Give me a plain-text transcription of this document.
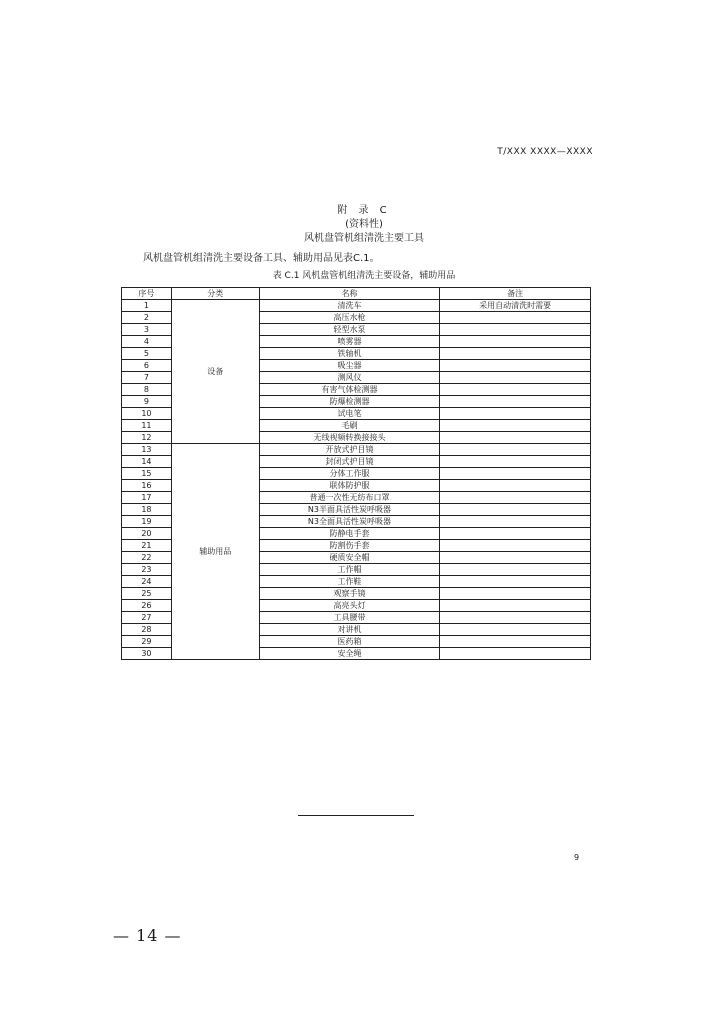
T/XXX XXXX—XXXX
附 录 C
(资料性)
风机盘管机组清洗主要工具
风机盘管机组清洗主要设备工具、辅助用品见表C.1。
表 C.1 风机盘管机组清洗主要设备，辅助用品
序号	分类	名称	备注
1	设备	清洗车	采用自动清洗时需要
2		高压水枪	
3		轻型水泵	
4		喷雾器	
5		铁轴机	
6		吸尘器	
7		测风仪	
8		有害气体检测器	
9		防爆检测器	
10		试电笔	
11		毛刷	
12		无线视频转换接接头	
13	辅助用品	开放式护目镜	
14		封闭式护目镜	
15		分体工作服	
16		联体防护服	
17		普通一次性无纺布口罩	
18		N3半面具活性炭呼吸器	
19		N3全面具活性炭呼吸器	
20		防静电手套	
21		防割伤手套	
22		硬质安全帽	
23		工作帽	
24		工作鞋	
25		观察手镜	
26		高亮头灯	
27		工具腰带	
28		对讲机	
29		医药箱	
30		安全绳	
9
— 14 —
